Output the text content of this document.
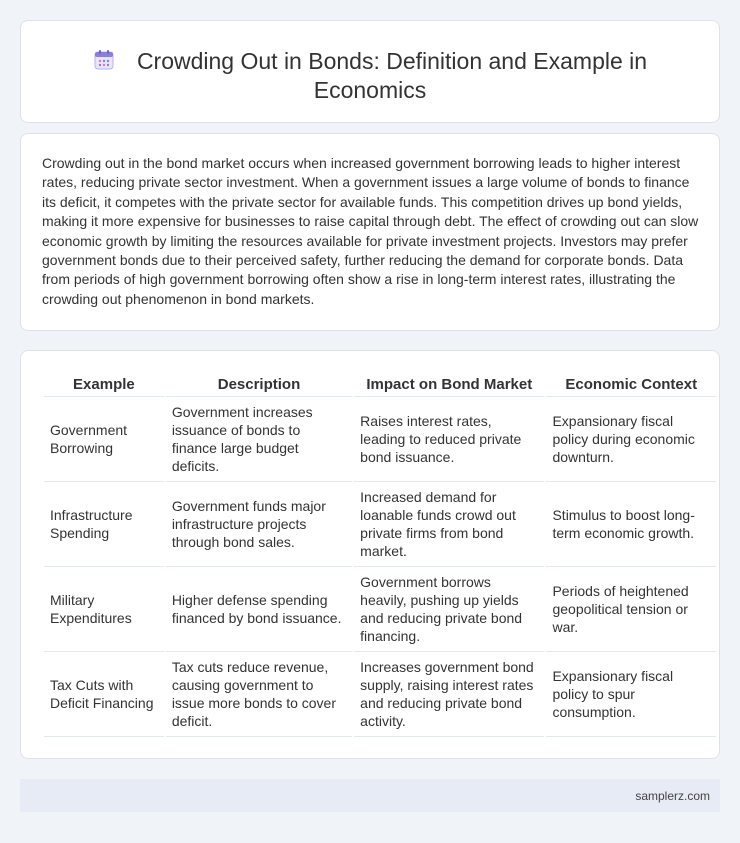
Crowding Out in Bonds: Definition and Example in Economics

Crowding out in the bond market occurs when increased government borrowing leads to higher interest rates, reducing private sector investment. When a government issues a large volume of bonds to finance its deficit, it competes with the private sector for available funds. This competition drives up bond yields, making it more expensive for businesses to raise capital through debt. The effect of crowding out can slow economic growth by limiting the resources available for private investment projects. Investors may prefer government bonds due to their perceived safety, further reducing the demand for corporate bonds. Data from periods of high government borrowing often show a rise in long-term interest rates, illustrating the crowding out phenomenon in bond markets.

Example	Description	Impact on Bond Market	Economic Context
Government Borrowing	Government increases issuance of bonds to finance large budget deficits.	Raises interest rates, leading to reduced private bond issuance.	Expansionary fiscal policy during economic downturn.
Infrastructure Spending	Government funds major infrastructure projects through bond sales.	Increased demand for loanable funds crowd out private firms from bond market.	Stimulus to boost long-term economic growth.
Military Expenditures	Higher defense spending financed by bond issuance.	Government borrows heavily, pushing up yields and reducing private bond financing.	Periods of heightened geopolitical tension or war.
Tax Cuts with Deficit Financing	Tax cuts reduce revenue, causing government to issue more bonds to cover deficit.	Increases government bond supply, raising interest rates and reducing private bond activity.	Expansionary fiscal policy to spur consumption.
samplerz.com
